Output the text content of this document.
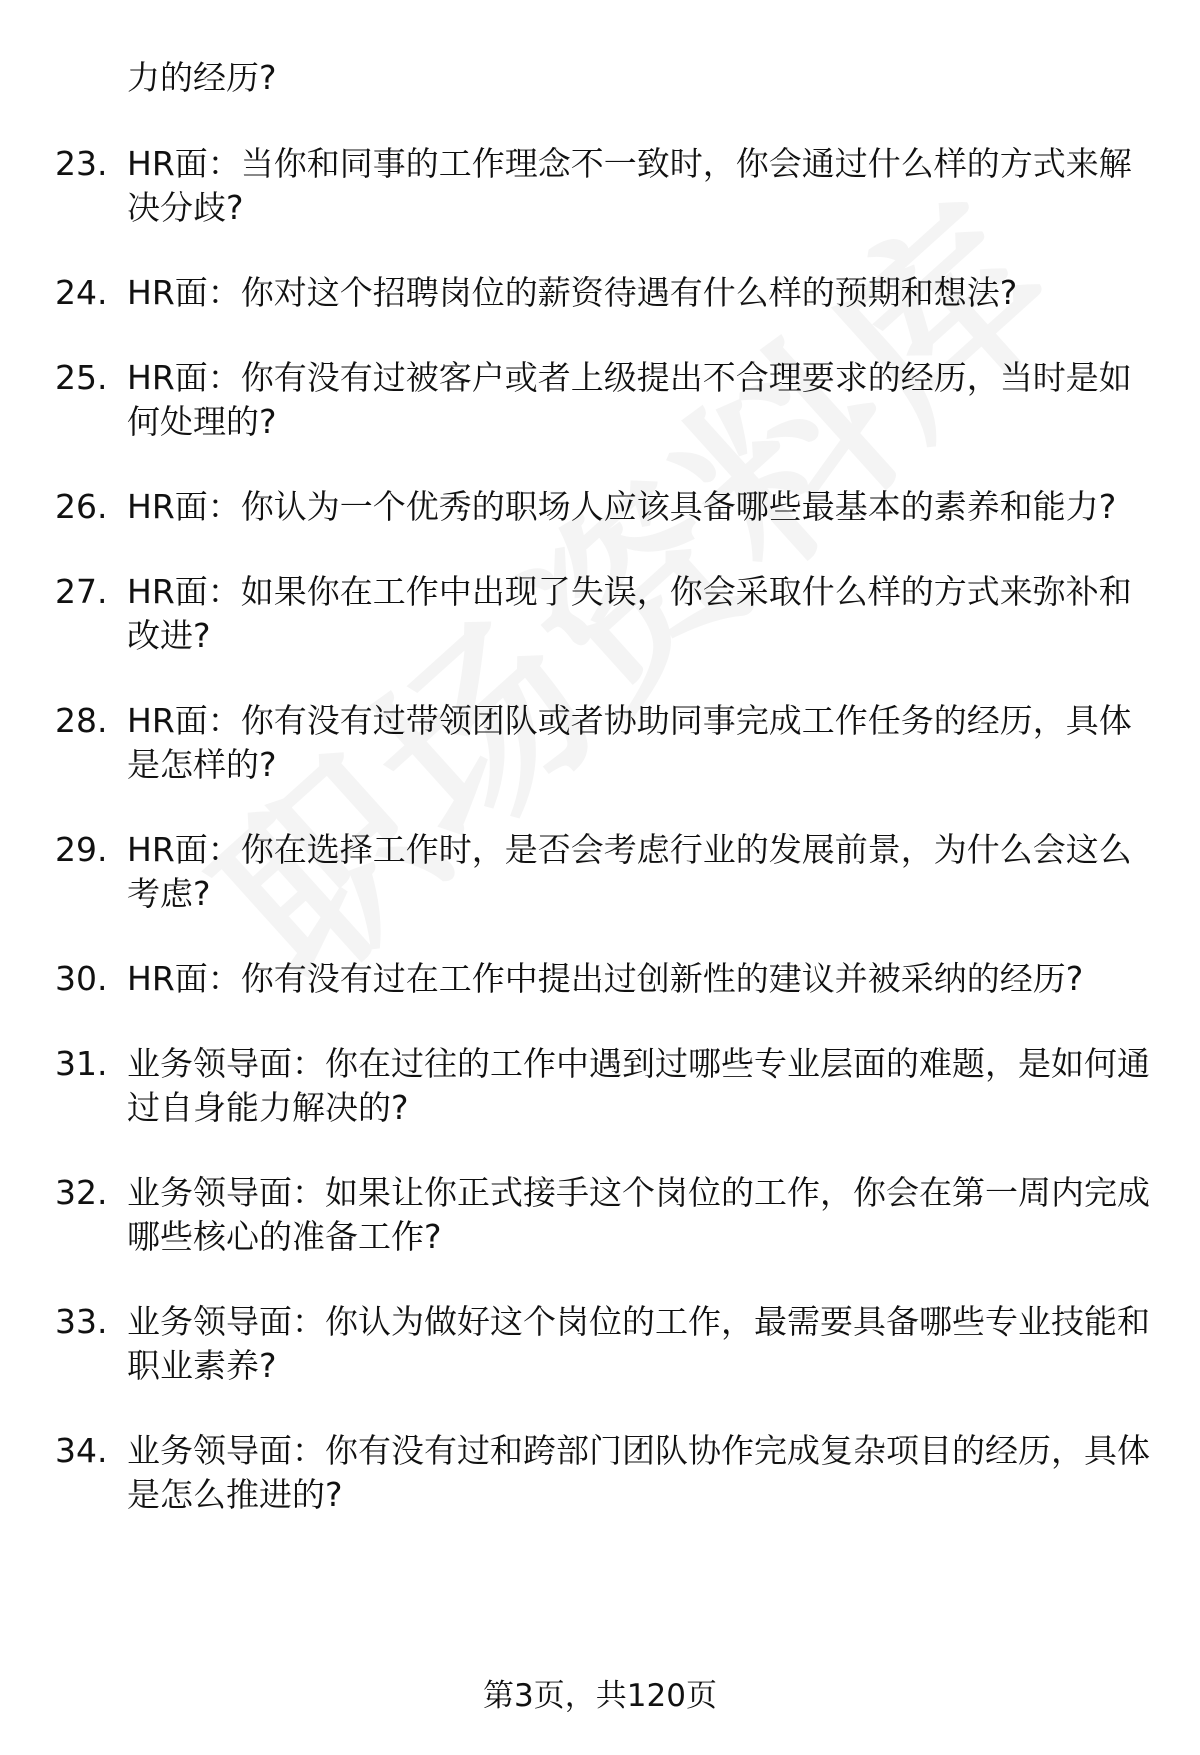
力的经历?

23. HR面：当你和同事的工作理念不一致时，你会通过什么样的方式来解决分歧?
24. HR面：你对这个招聘岗位的薪资待遇有什么样的预期和想法?
25. HR面：你有没有过被客户或者上级提出不合理要求的经历，当时是如何处理的?
26. HR面：你认为一个优秀的职场人应该具备哪些最基本的素养和能力?
27. HR面：如果你在工作中出现了失误，你会采取什么样的方式来弥补和改进?
28. HR面：你有没有过带领团队或者协助同事完成工作任务的经历，具体是怎样的?
29. HR面：你在选择工作时，是否会考虑行业的发展前景，为什么会这么考虑?
30. HR面：你有没有过在工作中提出过创新性的建议并被采纳的经历?
31. 业务领导面：你在过往的工作中遇到过哪些专业层面的难题，是如何通过自身能力解决的?
32. 业务领导面：如果让你正式接手这个岗位的工作，你会在第一周内完成哪些核心的准备工作?
33. 业务领导面：你认为做好这个岗位的工作，最需要具备哪些专业技能和职业素养?
34. 业务领导面：你有没有过和跨部门团队协作完成复杂项目的经历，具体是怎么推进的?
第3页，共120页
